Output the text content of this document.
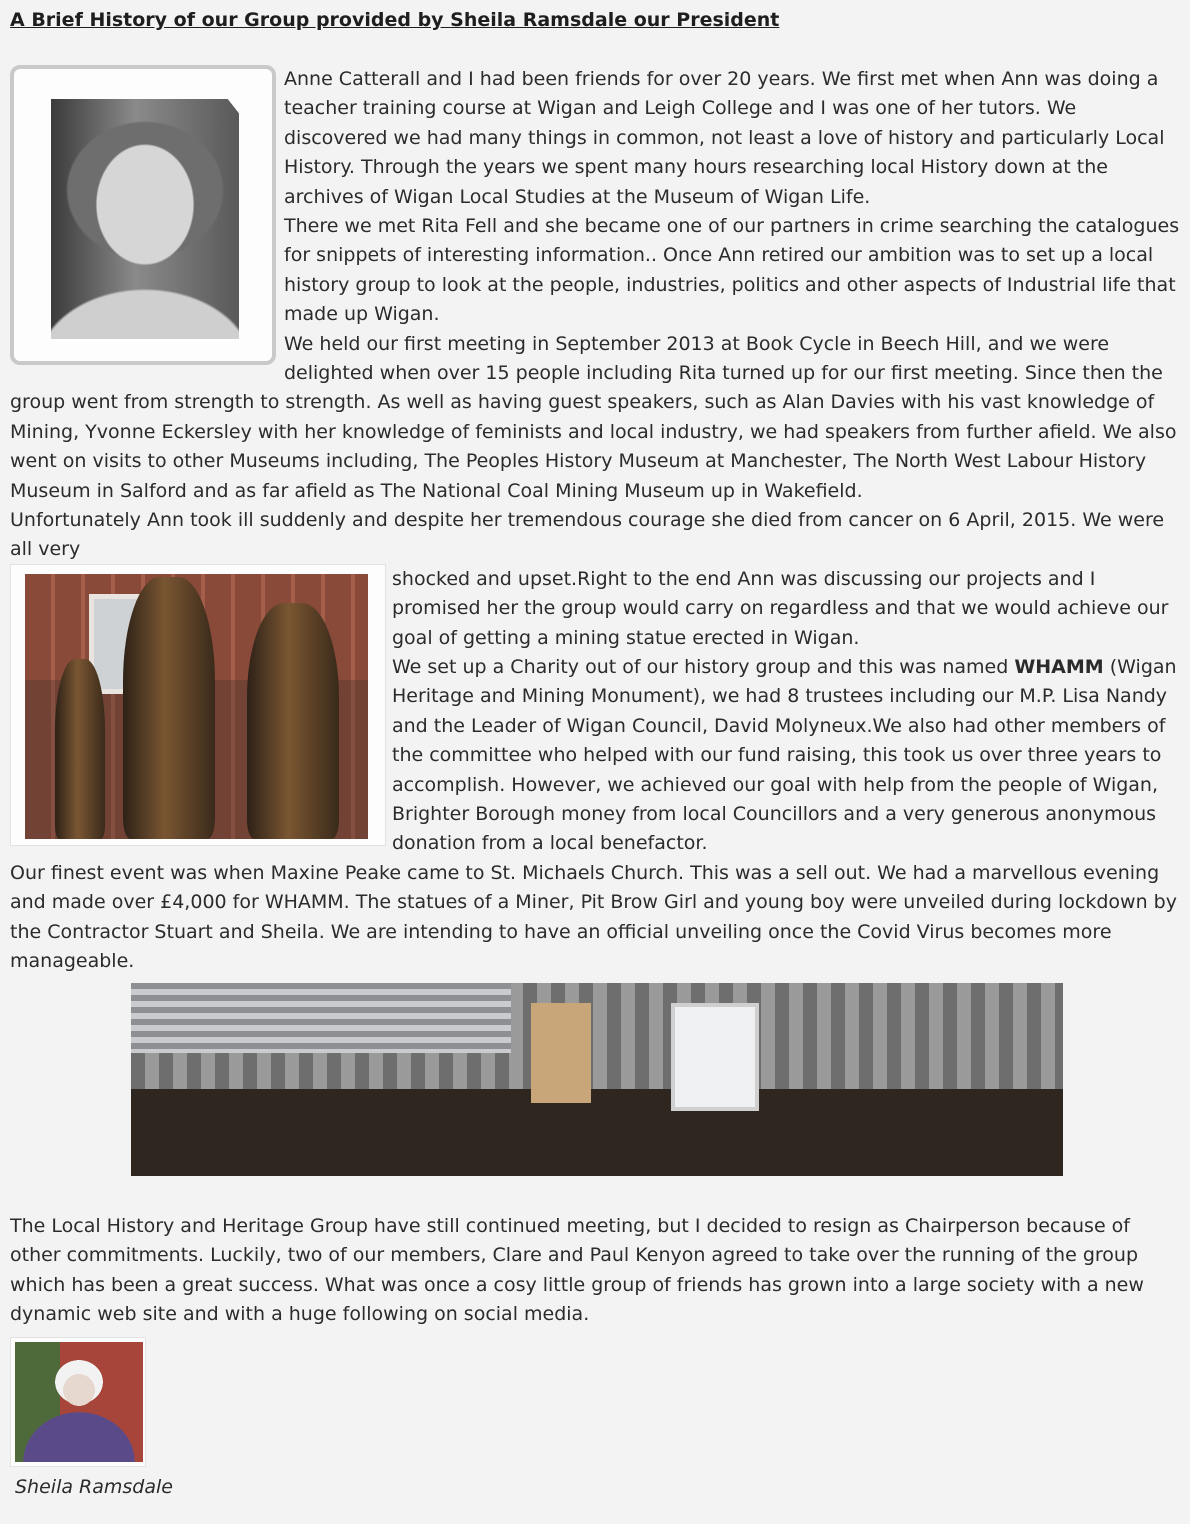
A Brief History of our Group provided by Sheila Ramsdale our President

Anne Catterall and I had been friends for over 20 years. We first met when Ann was doing a teacher training course at Wigan and Leigh College and I was one of her tutors. We discovered we had many things in common, not least a love of history and particularly Local History. Through the years we spent many hours researching local History down at the archives of Wigan Local Studies at the Museum of Wigan Life.

There we met Rita Fell and she became one of our partners in crime searching the catalogues for snippets of interesting information.. Once Ann retired our ambition was to set up a local history group to look at the people, industries, politics and other aspects of Industrial life that made up Wigan.

We held our first meeting in September 2013 at Book Cycle in Beech Hill, and we were delighted when over 15 people including Rita turned up for our first meeting. Since then the group went from strength to strength. As well as having guest speakers, such as Alan Davies with his vast knowledge of Mining, Yvonne Eckersley with her knowledge of feminists and local industry, we had speakers from further afield. We also went on visits to other Museums including, The Peoples History Museum at Manchester, The North West Labour History Museum in Salford and as far afield as The National Coal Mining Museum up in Wakefield.

Unfortunately Ann took ill suddenly and despite her tremendous courage she died from cancer on 6 April, 2015. We were all very

shocked and upset.Right to the end Ann was discussing our projects and I promised her the group would carry on regardless and that we would achieve our goal of getting a mining statue erected in Wigan.

We set up a Charity out of our history group and this was named WHAMM (Wigan Heritage and Mining Monument), we had 8 trustees including our M.P. Lisa Nandy and the Leader of Wigan Council, David Molyneux.We also had other members of the committee who helped with our fund raising, this took us over three years to accomplish. However, we achieved our goal with help from the people of Wigan, Brighter Borough money from local Councillors and a very generous anonymous donation from a local benefactor.

Our finest event was when Maxine Peake came to St. Michaels Church. This was a sell out. We had a marvellous evening and made over £4,000 for WHAMM. The statues of a Miner, Pit Brow Girl and young boy were unveiled during lockdown by the Contractor Stuart and Sheila. We are intending to have an official unveiling once the Covid Virus becomes more manageable.

The Local History and Heritage Group have still continued meeting, but I decided to resign as Chairperson because of other commitments. Luckily, two of our members, Clare and Paul Kenyon agreed to take over the running of the group which has been a great success. What was once a cosy little group of friends has grown into a large society with a new dynamic web site and with a huge following on social media.

Sheila Ramsdale
